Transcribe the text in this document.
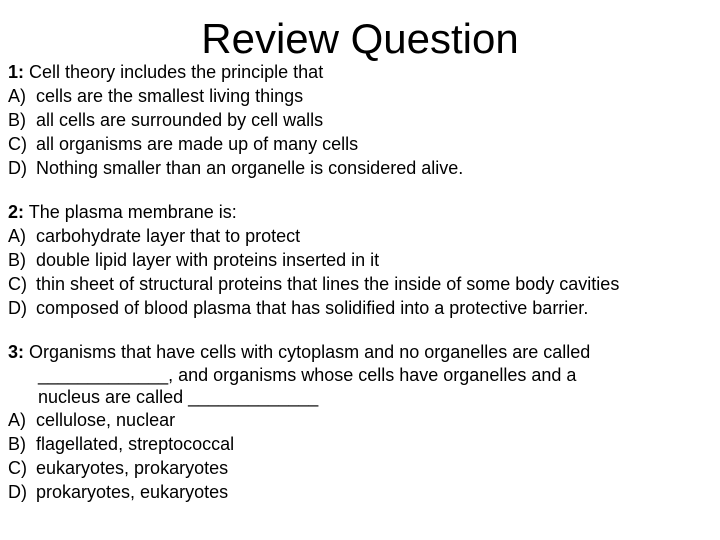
Review Question
1: Cell theory includes the principle that
A) cells are the smallest living things
B) all cells are surrounded by cell walls
C) all organisms are made up of many cells
D) Nothing smaller than an organelle is considered alive.
2: The plasma membrane is:
A) carbohydrate layer that to protect
B) double lipid layer with proteins inserted in it
C) thin sheet of structural proteins that lines the inside of some body cavities
D) composed of blood plasma that has solidified into a protective barrier.
3: Organisms that have cells with cytoplasm and no organelles are called
_____________, and organisms whose cells have organelles and a
nucleus are called _____________
A) cellulose, nuclear
B) flagellated, streptococcal
C) eukaryotes, prokaryotes
D) prokaryotes, eukaryotes
